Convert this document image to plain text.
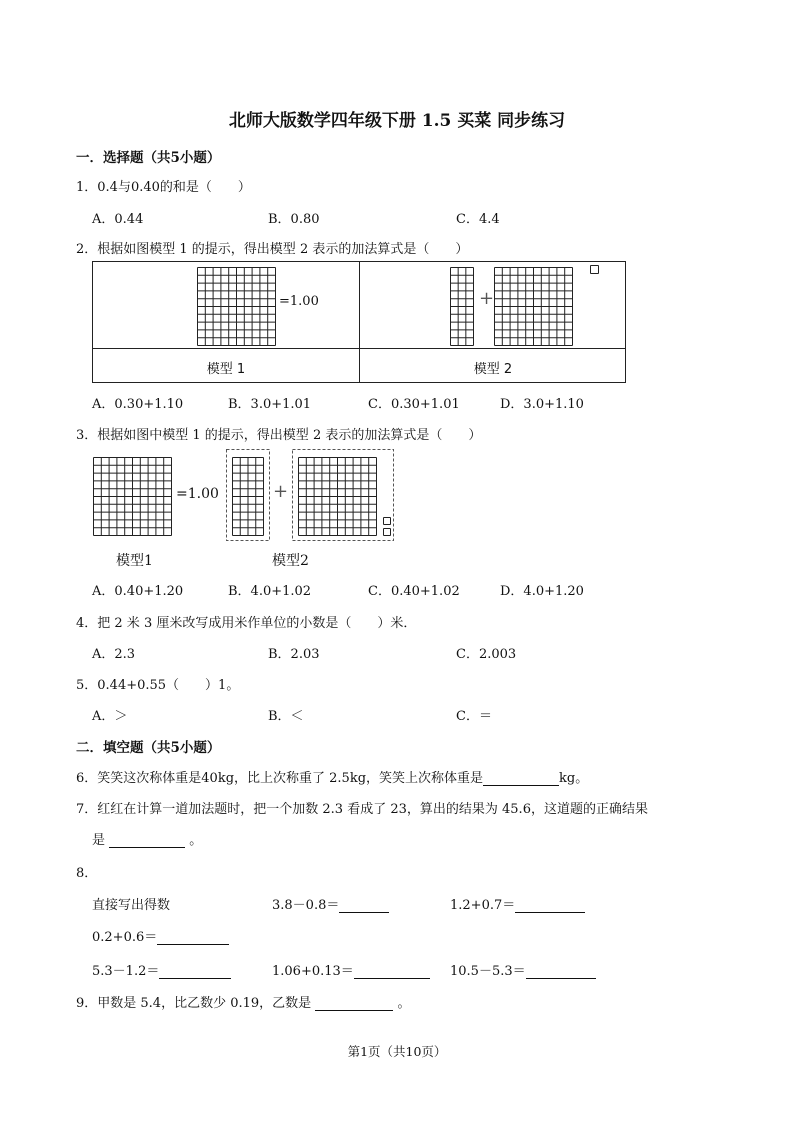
北师大版数学四年级下册 1.5 买菜 同步练习
一．选择题（共5小题）
1．0.4与0.40的和是（　　）
A．0.44	B．0.80	C．4.4
2．根据如图模型 1 的提示，得出模型 2 表示的加法算式是（　　）
=1.00	+
模型 1	模型 2
A．0.30+1.10	B．3.0+1.01	C．0.30+1.01	D．3.0+1.10
3．根据如图中模型 1 的提示，得出模型 2 表示的加法算式是（　　）
=1.00	+
模型1	模型2
A．0.40+1.20	B．4.0+1.02	C．0.40+1.02	D．4.0+1.20
4．把 2 米 3 厘米改写成用米作单位的小数是（　　）米．
A．2.3	B．2.03	C．2.003
5．0.44+0.55（　　）1。
A．＞	B．＜	C．＝
二．填空题（共5小题）
6．笑笑这次称体重是40kg，比上次称重了 2.5kg，笑笑上次称体重是	kg。
7．红红在计算一道加法题时，把一个加数 2.3 看成了 23，算出的结果为 45.6，这道题的正确结果
是	。
8．
直接写出得数	3.8－0.8＝	1.2+0.7＝
0.2+0.6＝
5.3－1.2＝	1.06+0.13＝	10.5－5.3＝
9．甲数是 5.4，比乙数少 0.19，乙数是	。
第1页（共10页）
